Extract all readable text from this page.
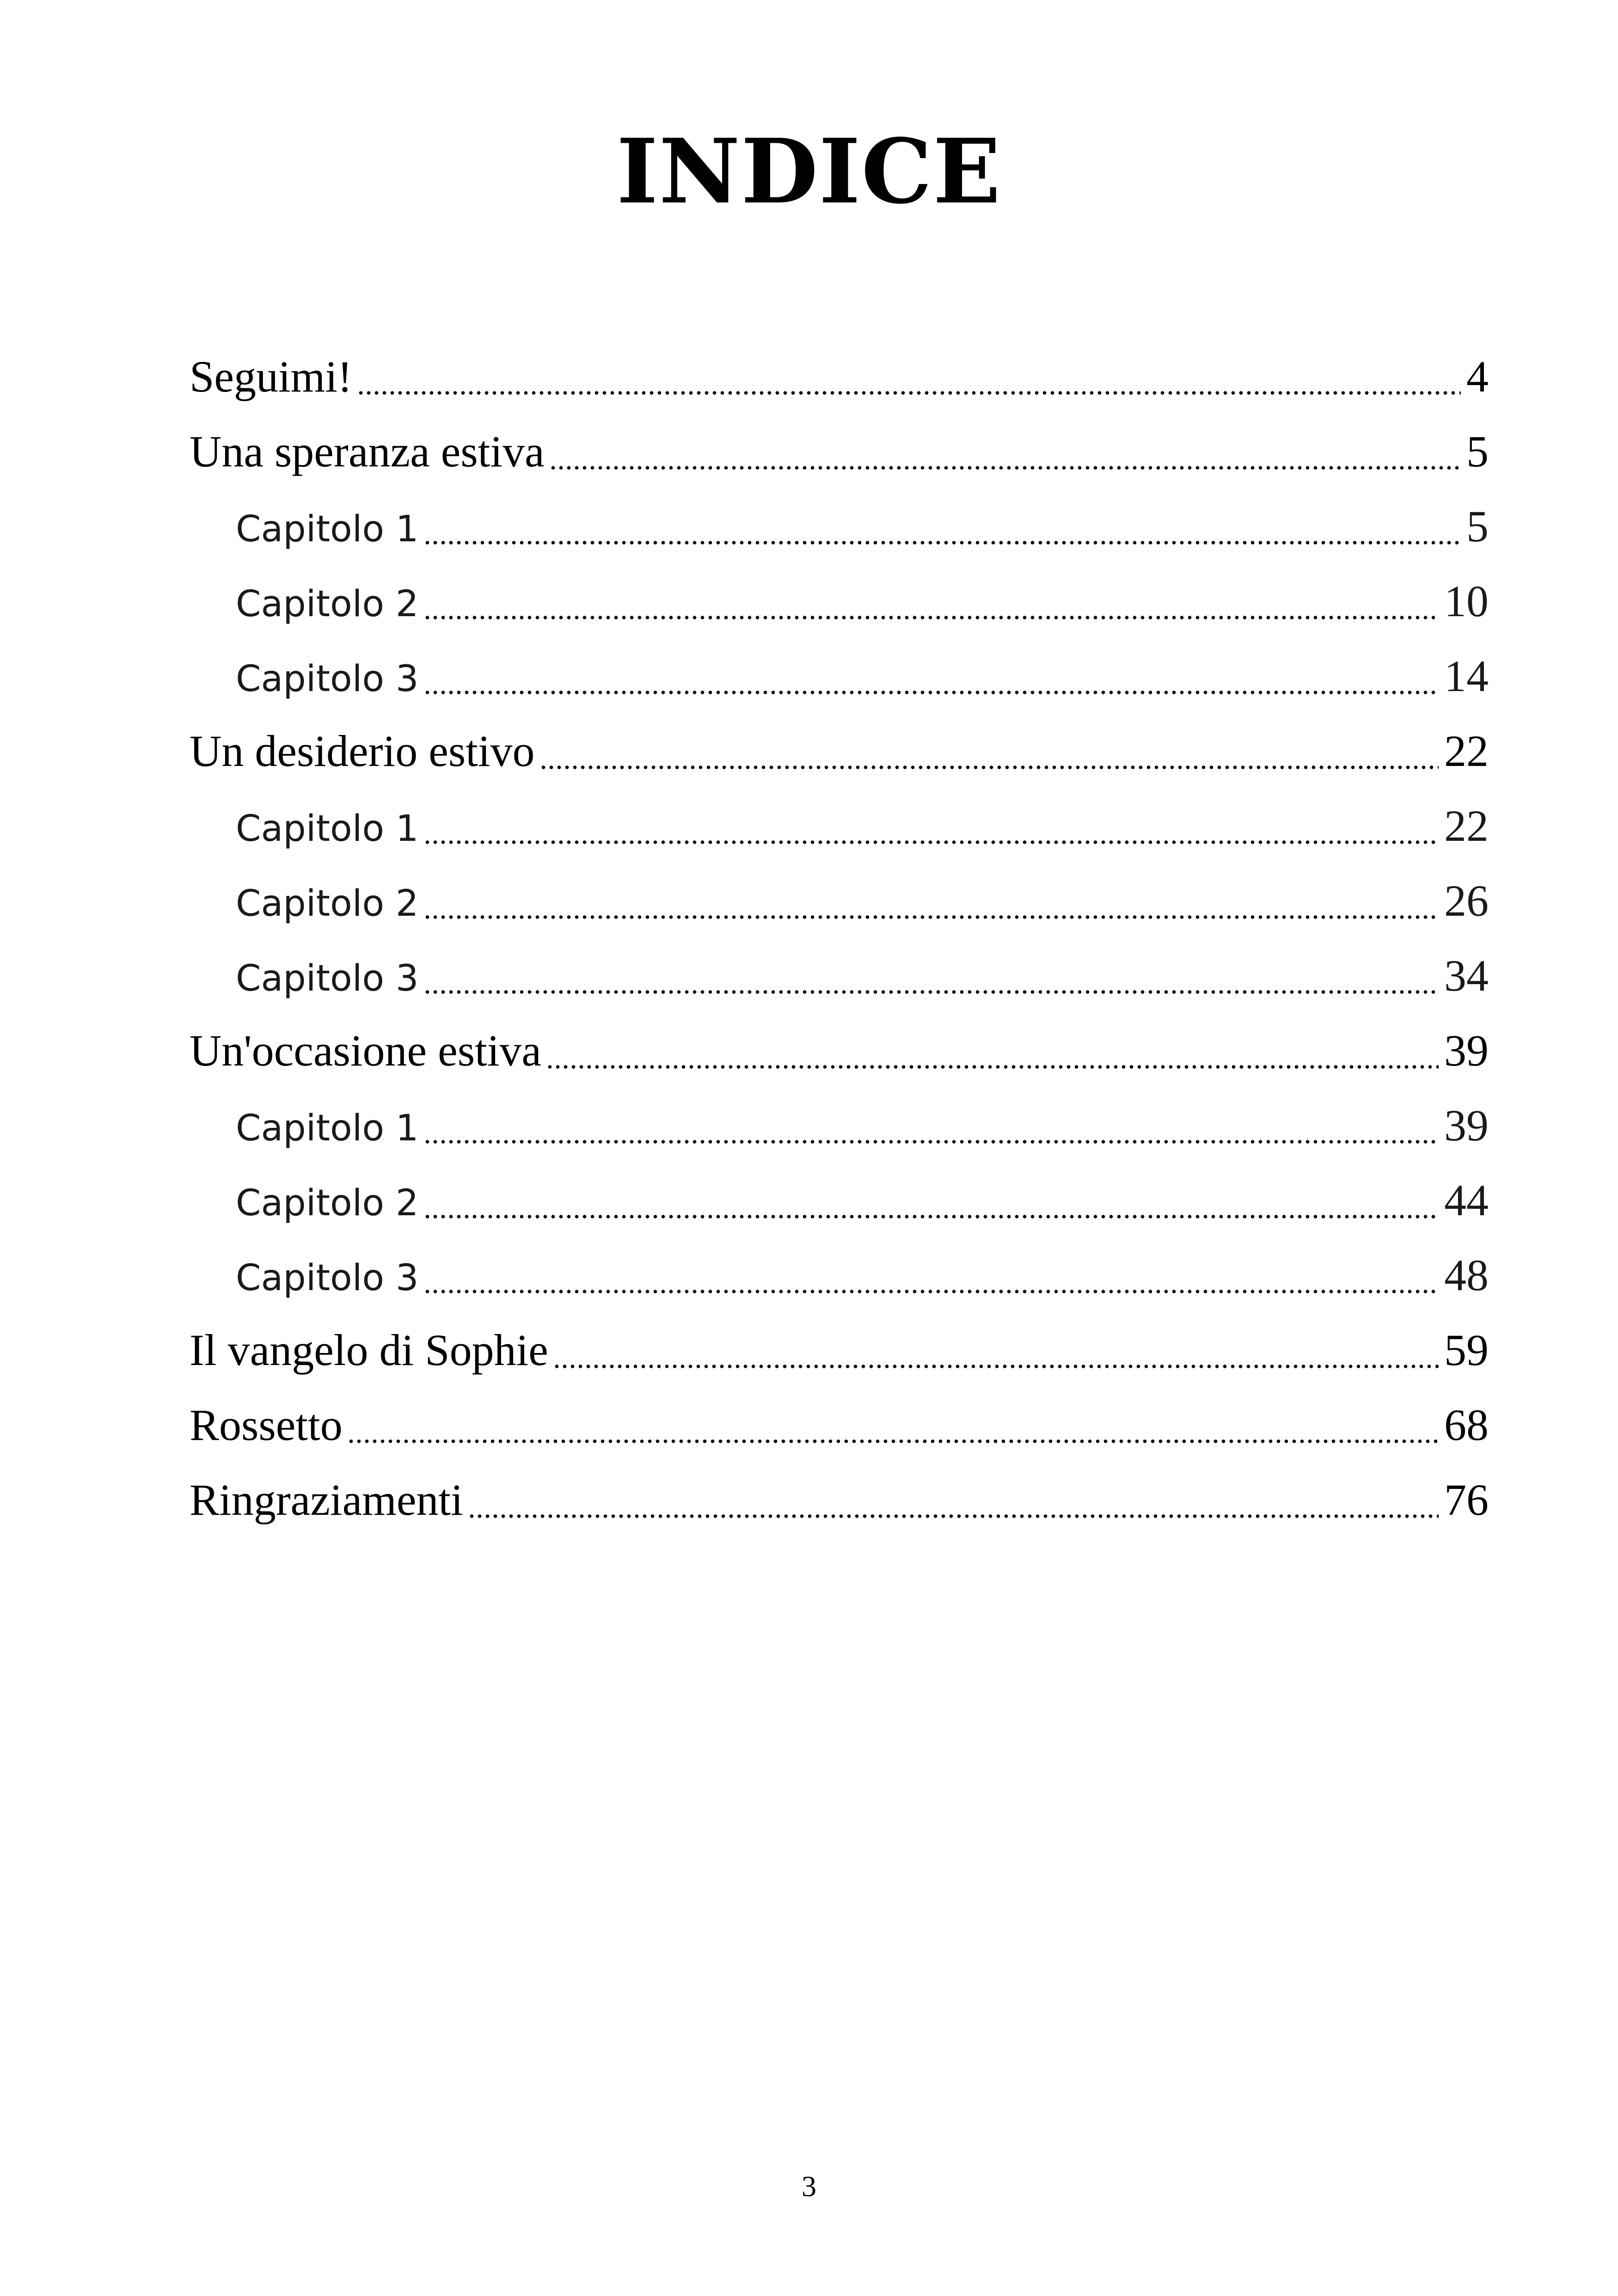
INDICE
Seguimi!	4
Una speranza estiva	5
Capitolo 1	5
Capitolo 2	10
Capitolo 3	14
Un desiderio estivo	22
Capitolo 1	22
Capitolo 2	26
Capitolo 3	34
Un'occasione estiva	39
Capitolo 1	39
Capitolo 2	44
Capitolo 3	48
Il vangelo di Sophie	59
Rossetto	68
Ringraziamenti	76
3
